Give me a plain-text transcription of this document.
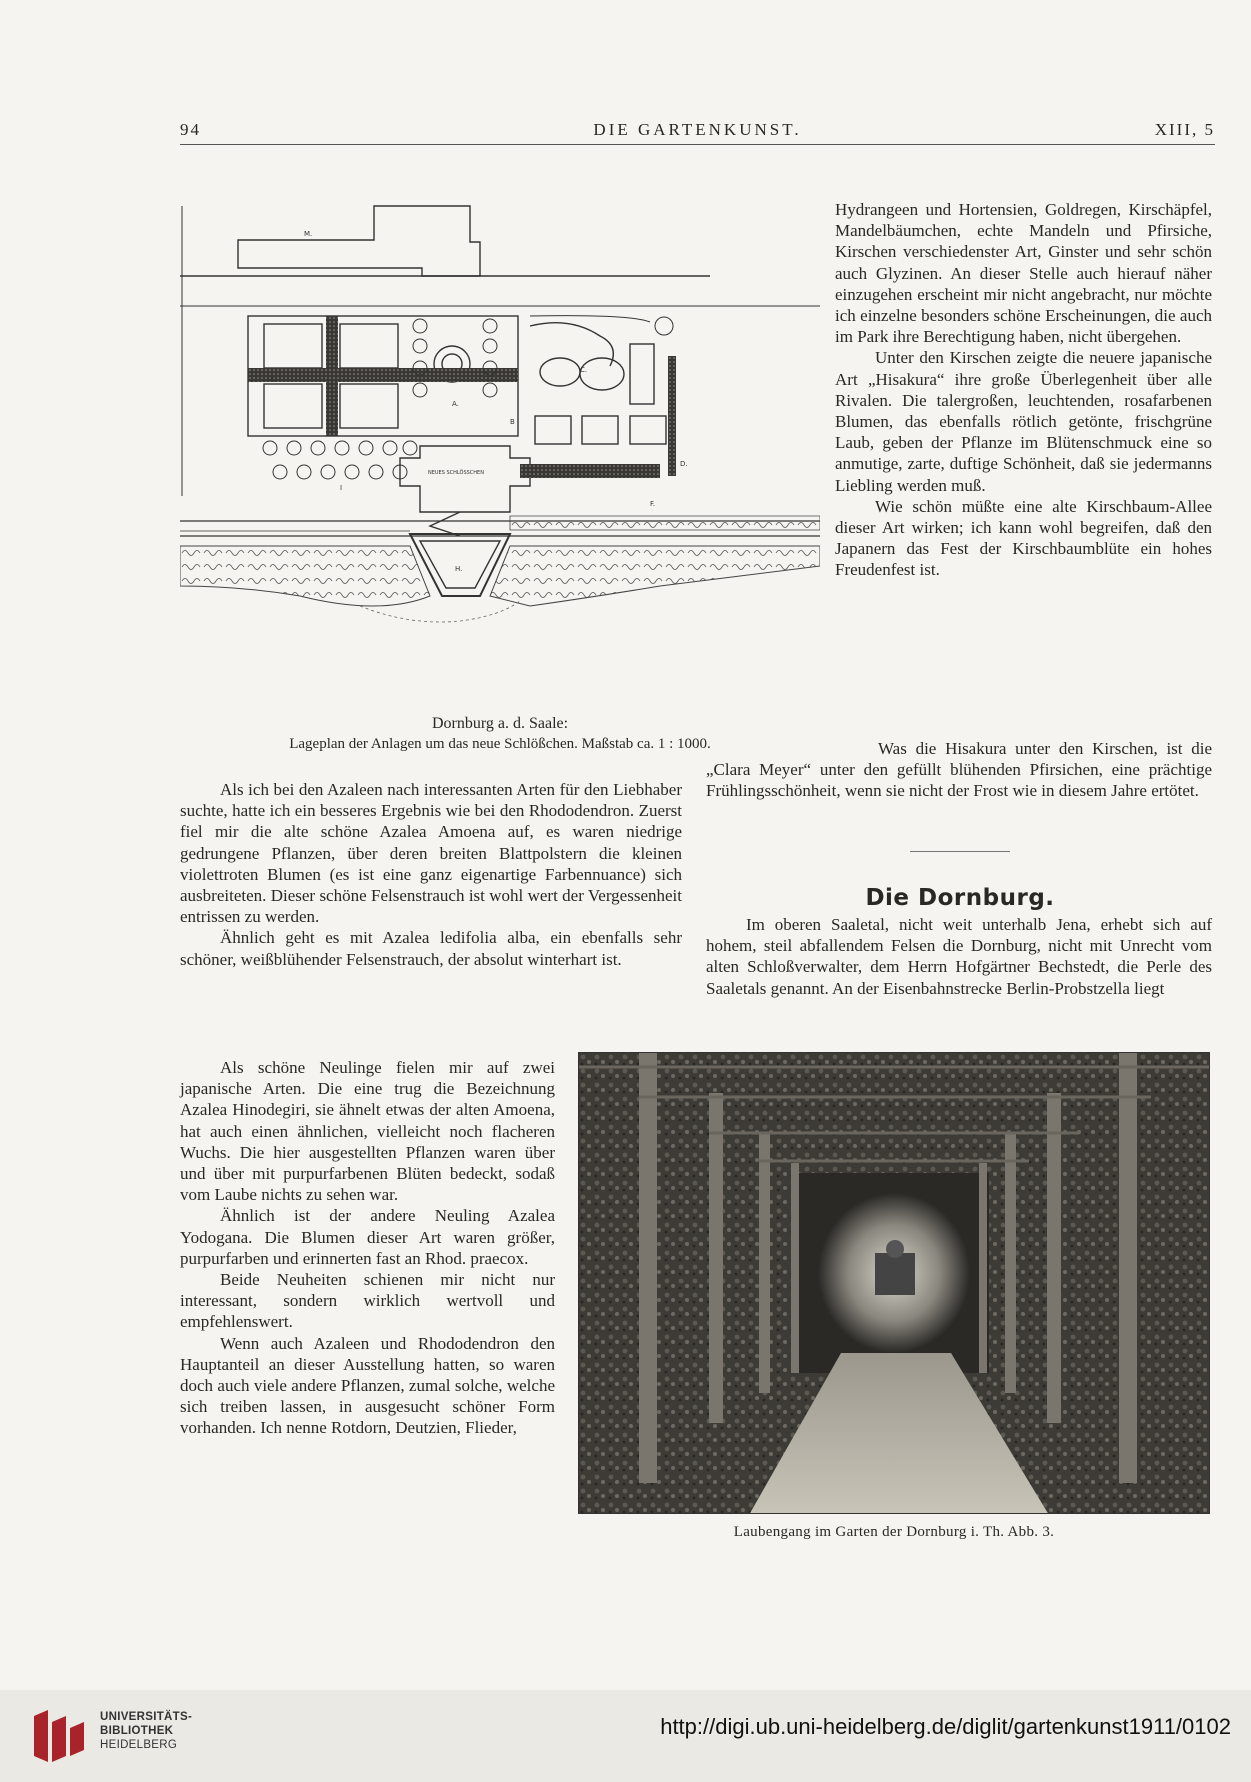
94	DIE GARTENKUNST.	XIII, 5
M.
K.
A.
B
C.
D.
F.
H.
I
NEUES SCHLÖSSCHEN
Dornburg a. d. Saale:
Lageplan der Anlagen um das neue Schlößchen. Maßstab ca. 1 : 1000.

Hydrangeen und Hortensien, Goldregen, Kirschäpfel, Mandelbäumchen, echte Mandeln und Pfirsiche, Kirschen verschiedenster Art, Ginster und sehr schön auch Glyzinen. An dieser Stelle auch hierauf näher einzugehen erscheint mir nicht angebracht, nur möchte ich einzelne besonders schöne Erscheinungen, die auch im Park ihre Berechtigung haben, nicht übergehen.

Unter den Kirschen zeigte die neuere japanische Art „Hisakura“ ihre große Überlegenheit über alle Rivalen. Die talergroßen, leuchtenden, rosafarbenen Blumen, das ebenfalls rötlich getönte, frischgrüne Laub, geben der Pflanze im Blütenschmuck eine so anmutige, zarte, duftige Schönheit, daß sie jedermanns Liebling werden muß.

Wie schön müßte eine alte Kirschbaum-Allee dieser Art wirken; ich kann wohl begreifen, daß den Japanern das Fest der Kirschbaumblüte ein hohes Freudenfest ist.

Was die Hisakura unter den Kirschen, ist die „Clara Meyer“ unter den gefüllt blühenden Pfirsichen, eine prächtige Frühlingsschönheit, wenn sie nicht der Frost wie in diesem Jahre ertötet.

Als ich bei den Azaleen nach interessanten Arten für den Liebhaber suchte, hatte ich ein besseres Ergebnis wie bei den Rhododendron. Zuerst fiel mir die alte schöne Azalea Amoena auf, es waren niedrige gedrungene Pflanzen, über deren breiten Blattpolstern die kleinen violettroten Blumen (es ist eine ganz eigenartige Farbennuance) sich ausbreiteten. Dieser schöne Felsenstrauch ist wohl wert der Vergessenheit entrissen zu werden.

Ähnlich geht es mit Azalea ledifolia alba, ein ebenfalls sehr schöner, weißblühender Felsenstrauch, der absolut winterhart ist.

Als schöne Neulinge fielen mir auf zwei japanische Arten. Die eine trug die Bezeichnung Azalea Hinodegiri, sie ähnelt etwas der alten Amoena, hat auch einen ähnlichen, vielleicht noch flacheren Wuchs. Die hier ausgestellten Pflanzen waren über und über mit purpurfarbenen Blüten bedeckt, sodaß vom Laube nichts zu sehen war.

Ähnlich ist der andere Neuling Azalea Yodogana. Die Blumen dieser Art waren größer, purpurfarben und erinnerten fast an Rhod. praecox.

Beide Neuheiten schienen mir nicht nur interessant, sondern wirklich wertvoll und empfehlenswert.

Wenn auch Azaleen und Rhododendron den Hauptanteil an dieser Ausstellung hatten, so waren doch auch viele andere Pflanzen, zumal solche, welche sich treiben lassen, in ausgesucht schöner Form vorhanden. Ich nenne Rotdorn, Deutzien, Flieder,

Die Dornburg.

Im oberen Saaletal, nicht weit unterhalb Jena, erhebt sich auf hohem, steil abfallendem Felsen die Dornburg, nicht mit Unrecht vom alten Schloßverwalter, dem Herrn Hofgärtner Bechstedt, die Perle des Saaletals genannt. An der Eisenbahnstrecke Berlin-Probstzella liegt

Laubengang im Garten der Dornburg i. Th. Abb. 3.
UNIVERSITÄTS-
BIBLIOTHEK
HEIDELBERG
http://digi.ub.uni-heidelberg.de/diglit/gartenkunst1911/0102
